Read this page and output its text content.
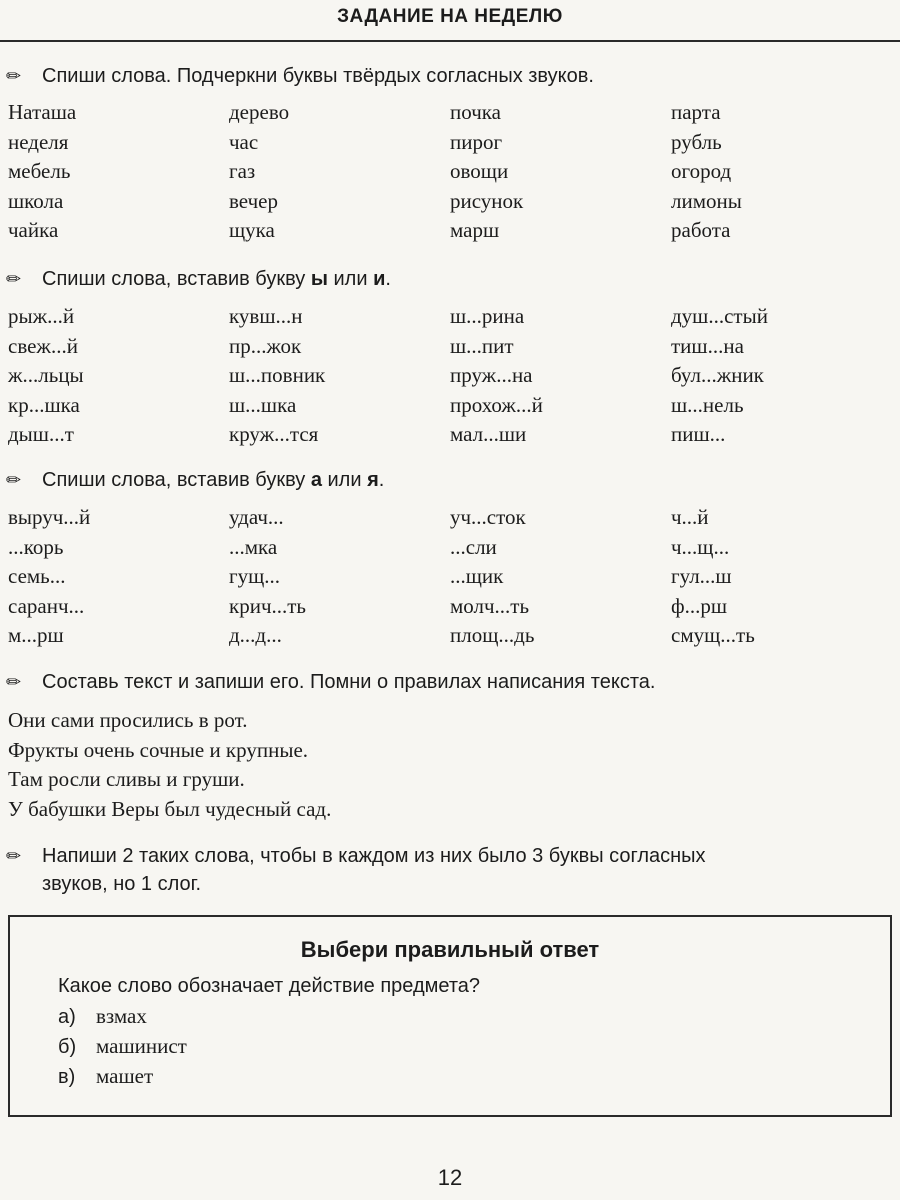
ЗАДАНИЕ НА НЕДЕЛЮ
✏ Спиши слова. Подчеркни буквы твёрдых согласных звуков.
Наташа	дерево	почка	парта
неделя	час	пирог	рубль
мебель	газ	овощи	огород
школа	вечер	рисунок	лимоны
чайка	щука	марш	работа
✏ Спиши слова, вставив букву ы или и.
рыж...й	кувш...н	ш...рина	душ...стый
свеж...й	пр...жок	ш...пит	тиш...на
ж...льцы	ш...повник	пруж...на	бул...жник
кр...шка	ш...шка	прохож...й	ш...нель
дыш...т	круж...тся	мал...ши	пиш...
✏ Спиши слова, вставив букву а или я.
выруч...й	удач...	уч...сток	ч...й
...корь	...мка	...сли	ч...щ...
семь...	гущ...	...щик	гул...ш
саранч...	крич...ть	молч...ть	ф...рш
м...рш	д...д...	площ...дь	смущ...ть
✏ Составь текст и запиши его. Помни о правилах написания текста.
Они сами просились в рот.
Фрукты очень сочные и крупные.
Там росли сливы и груши.
У бабушки Веры был чудесный сад.
✏ Напиши 2 таких слова, чтобы в каждом из них было 3 буквы согласных
звуков, но 1 слог.
Выбери правильный ответ
Какое слово обозначает действие предмета?
а) взмах
б) машинист
в) машет
12
